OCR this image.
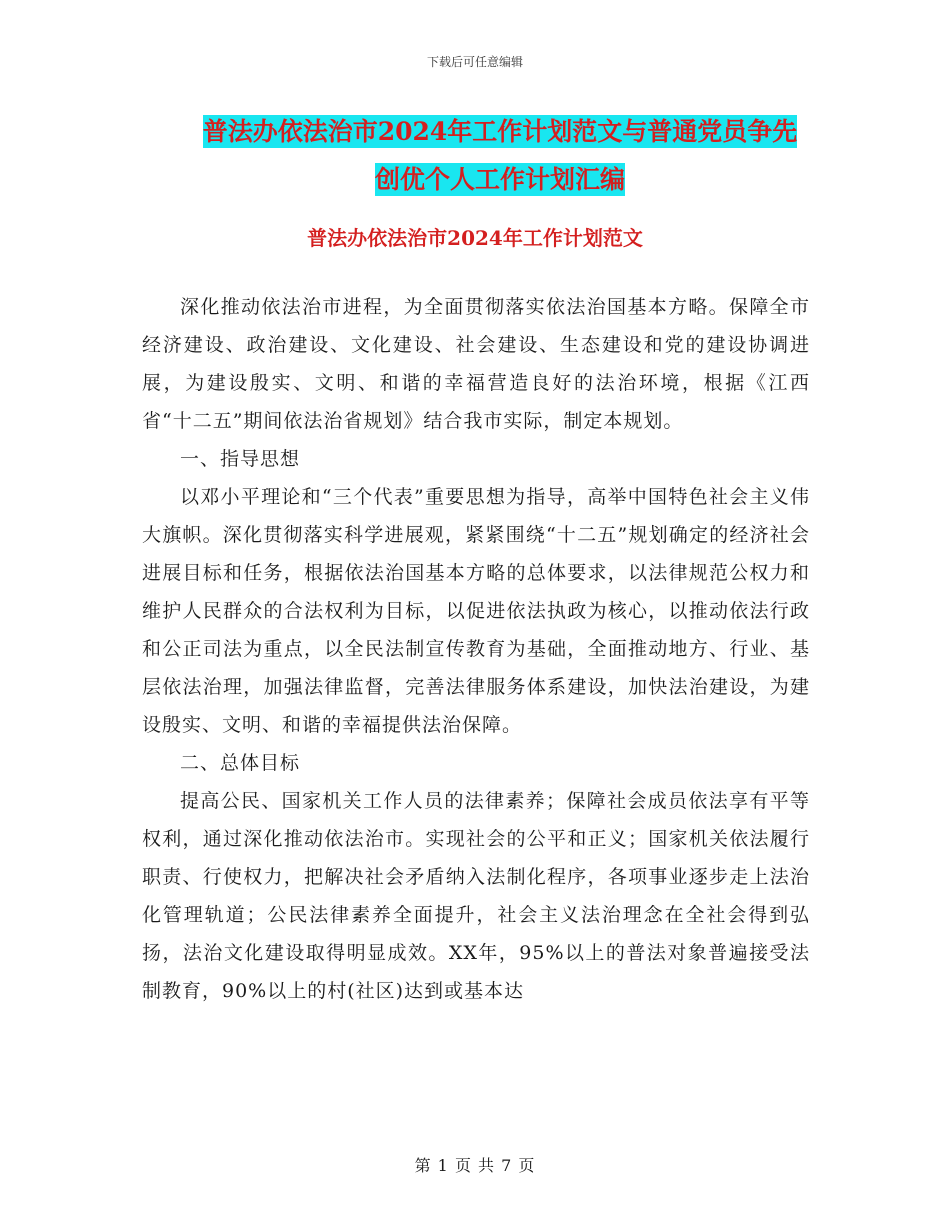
下载后可任意编辑
普法办依法治市2024年工作计划范文与普通党员争先
创优个人工作计划汇编
普法办依法治市2024年工作计划范文

深化推动依法治市进程，为全面贯彻落实依法治国基本方略。保障全市经济建设、政治建设、文化建设、社会建设、生态建设和党的建设协调进展，为建设殷实、文明、和谐的幸福营造良好的法治环境，根据《江西省“十二五”期间依法治省规划》结合我市实际，制定本规划。

一、指导思想

以邓小平理论和“三个代表”重要思想为指导，高举中国特色社会主义伟大旗帜。深化贯彻落实科学进展观，紧紧围绕“十二五”规划确定的经济社会进展目标和任务，根据依法治国基本方略的总体要求，以法律规范公权力和维护人民群众的合法权利为目标，以促进依法执政为核心，以推动依法行政和公正司法为重点，以全民法制宣传教育为基础，全面推动地方、行业、基层依法治理，加强法律监督，完善法律服务体系建设，加快法治建设，为建设殷实、文明、和谐的幸福提供法治保障。

二、总体目标

提高公民、国家机关工作人员的法律素养；保障社会成员依法享有平等权利，通过深化推动依法治市。实现社会的公平和正义；国家机关依法履行职责、行使权力，把解决社会矛盾纳入法制化程序，各项事业逐步走上法治化管理轨道；公民法律素养全面提升，社会主义法治理念在全社会得到弘扬，法治文化建设取得明显成效。XX年，95%以上的普法对象普遍接受法制教育，90%以上的村(社区)达到或基本达

第 1 页 共 7 页
